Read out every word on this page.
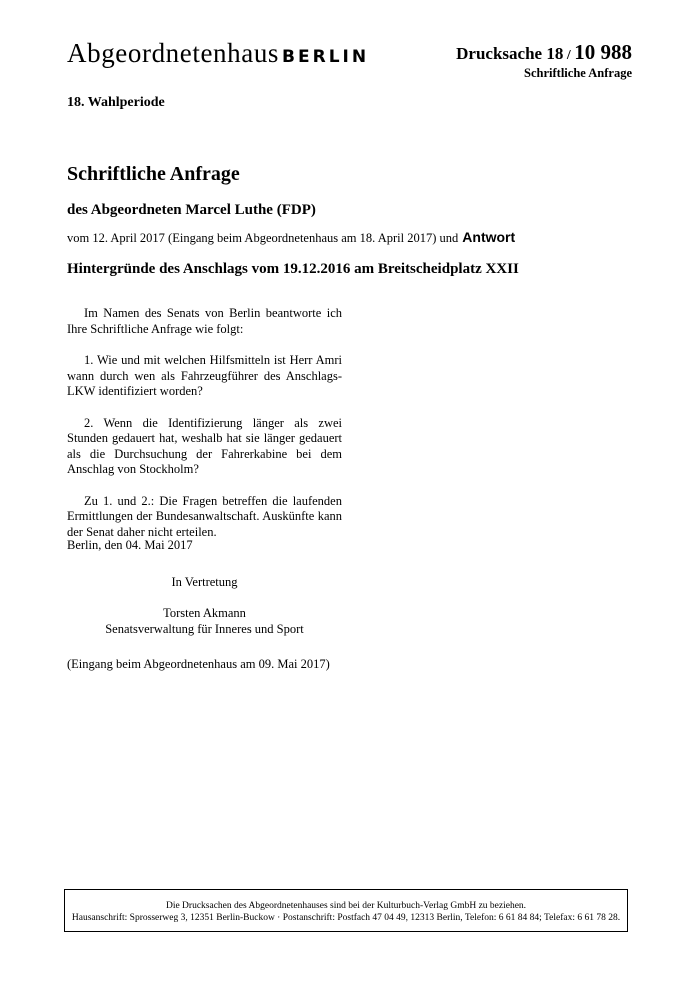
Abgeordnetenhaus BERLIN	Drucksache 18 / 10 988
Schriftliche Anfrage
18. Wahlperiode
Schriftliche Anfrage
des Abgeordneten Marcel Luthe (FDP)
vom 12. April 2017 (Eingang beim Abgeordnetenhaus am 18. April 2017) und Antwort
Hintergründe des Anschlags vom 19.12.2016 am Breitscheidplatz XXII

Im Namen des Senats von Berlin beantworte ich Ihre Schriftliche Anfrage wie folgt:

1. Wie und mit welchen Hilfsmitteln ist Herr Amri wann durch wen als Fahrzeugführer des Anschlags-LKW identifiziert worden?

2. Wenn die Identifizierung länger als zwei Stunden gedauert hat, weshalb hat sie länger gedauert als die Durchsuchung der Fahrerkabine bei dem Anschlag von Stockholm?

Zu 1. und 2.: Die Fragen betreffen die laufenden Ermittlungen der Bundesanwaltschaft. Auskünfte kann der Senat daher nicht erteilen.

Berlin, den 04. Mai 2017
In Vertretung
Torsten Akmann
Senatsverwaltung für Inneres und Sport
(Eingang beim Abgeordnetenhaus am 09. Mai 2017)
Die Drucksachen des Abgeordnetenhauses sind bei der Kulturbuch-Verlag GmbH zu beziehen.
Hausanschrift: Sprosserweg 3, 12351 Berlin-Buckow · Postanschrift: Postfach 47 04 49, 12313 Berlin, Telefon: 6 61 84 84; Telefax: 6 61 78 28.
